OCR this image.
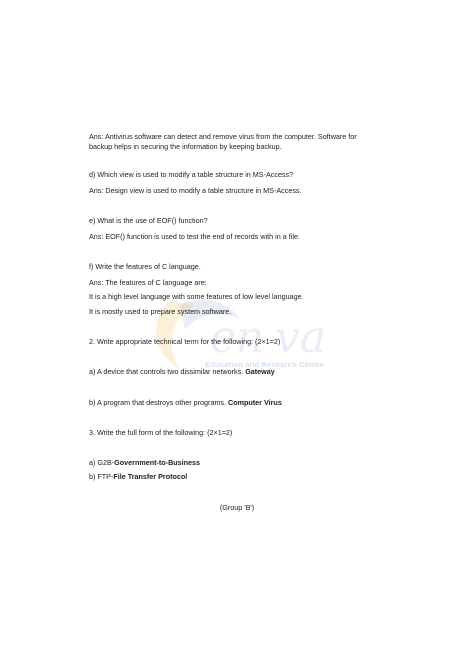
en va
Education and Research Centre
Ans: Antivirus software can detect and remove virus from the computer. Software for
backup helps in securing the information by keeping backup.
d) Which view is used to modify a table structure in MS-Access?
Ans: Design view is used to modify a table structure in MS-Access.
e) What is the use of EOF() function?
Ans: EOF() function is used to test the end of records with in a file.
f) Write the features of C language.
Ans: The features of C language are:
It is a high level language with some features of low level language.
It is mostly used to prepare system software.
2. Write appropriate technical term for the following: (2×1=2)
a) A device that controls two dissimilar networks. Gateway
b) A program that destroys other programs. Computer Virus
3. Write the full form of the following: (2×1=2)
a) G2B-Government-to-Business
b) FTP-File Transfer Protocol
(Group 'B')
